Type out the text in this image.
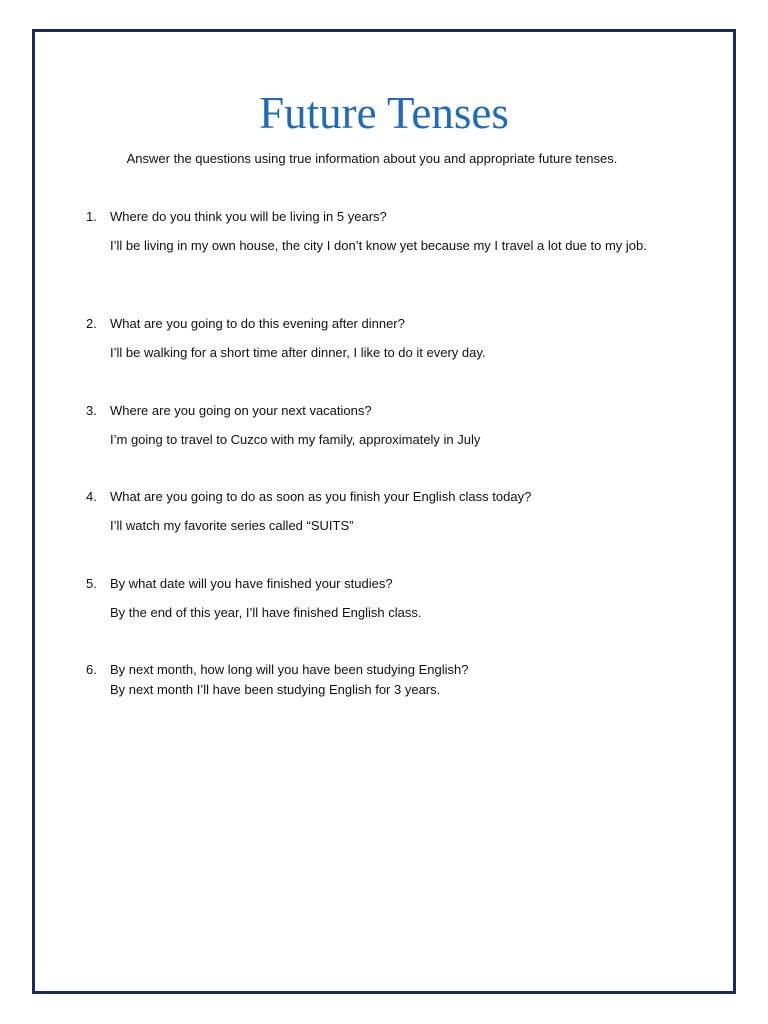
Future Tenses
Answer the questions using true information about you and appropriate future tenses.
1. Where do you think you will be living in 5 years?
I’ll be living in my own house, the city I don’t know yet because my I travel a lot due to my job.
2. What are you going to do this evening after dinner?
I’ll be walking for a short time after dinner, I like to do it every day.
3. Where are you going on your next vacations?
I’m going to travel to Cuzco with my family, approximately in July
4. What are you going to do as soon as you finish your English class today?
I’ll watch my favorite series called “SUITS”
5. By what date will you have finished your studies?
By the end of this year, I’ll have finished English class.
6. By next month, how long will you have been studying English?
By next month I’ll have been studying English for 3 years.
